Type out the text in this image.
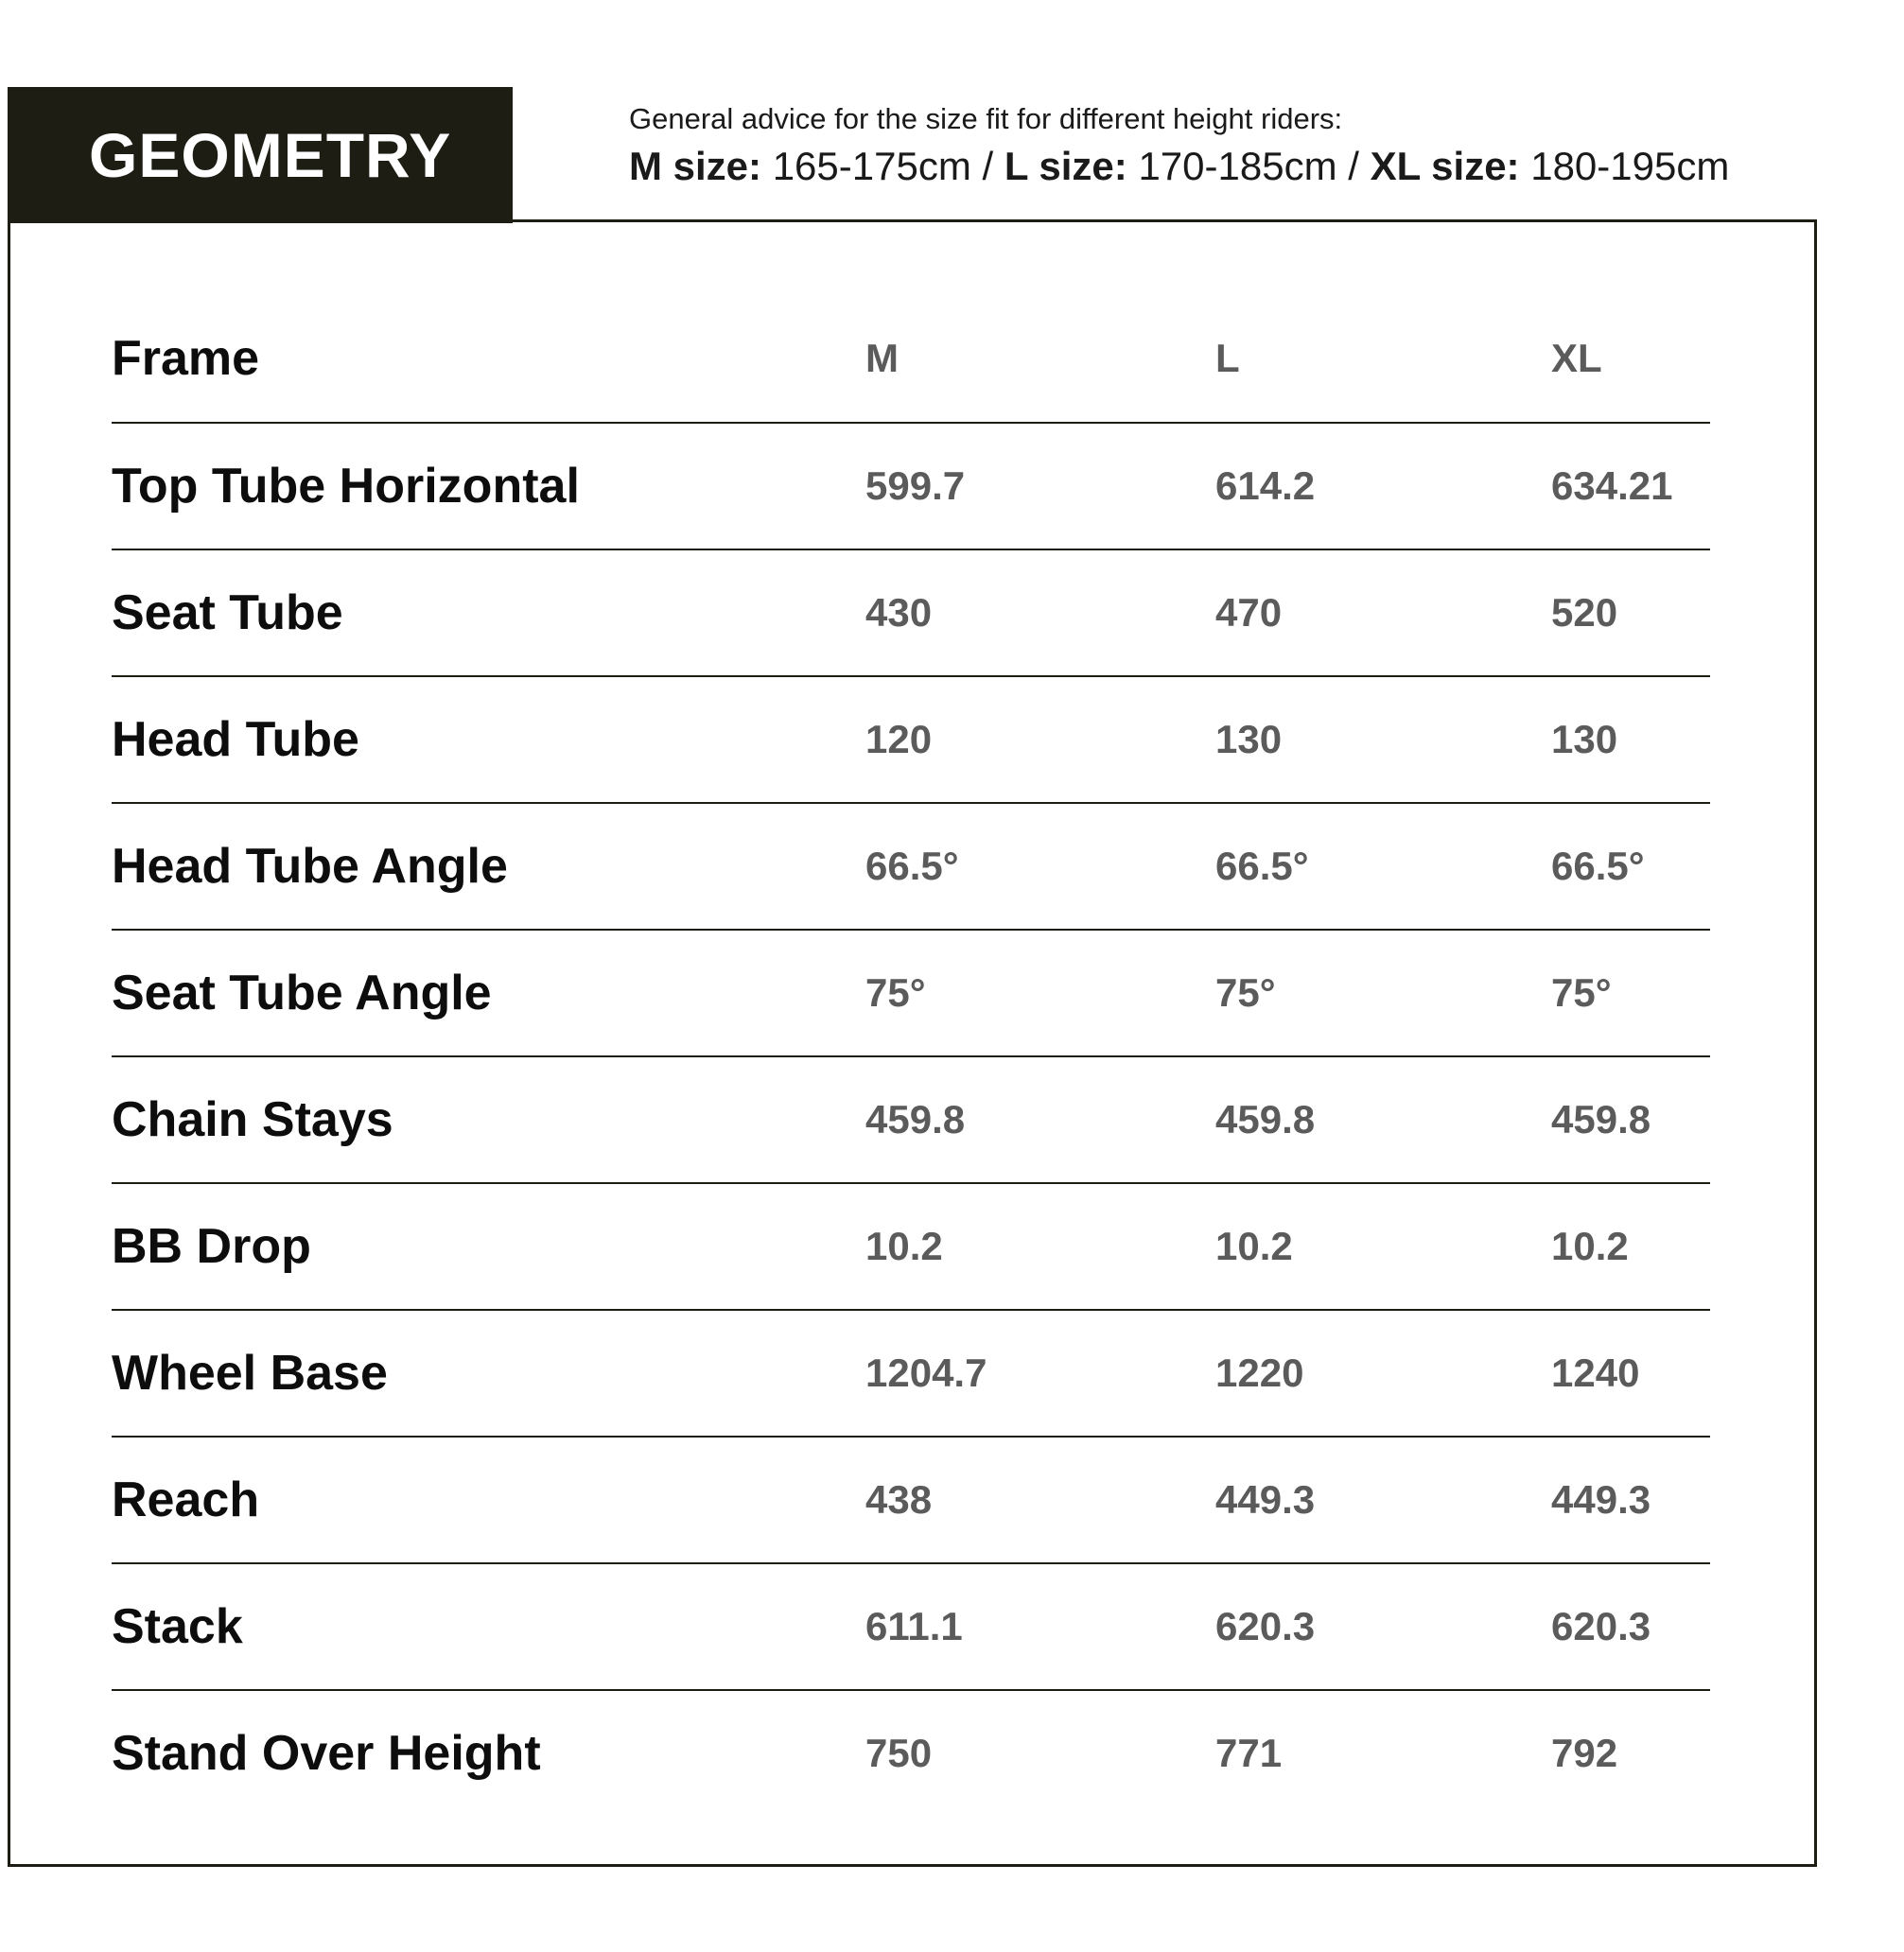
GEOMETRY
General advice for the size fit for different height riders:
M size: 165-175cm / L size: 170-185cm / XL size: 180-195cm
Frame	M	L	XL
Top Tube Horizontal	599.7	614.2	634.21
Seat Tube	430	470	520
Head Tube	120	130	130
Head Tube Angle	66.5°	66.5°	66.5°
Seat Tube Angle	75°	75°	75°
Chain Stays	459.8	459.8	459.8
BB Drop	10.2	10.2	10.2
Wheel Base	1204.7	1220	1240
Reach	438	449.3	449.3
Stack	611.1	620.3	620.3
Stand Over Height	750	771	792
